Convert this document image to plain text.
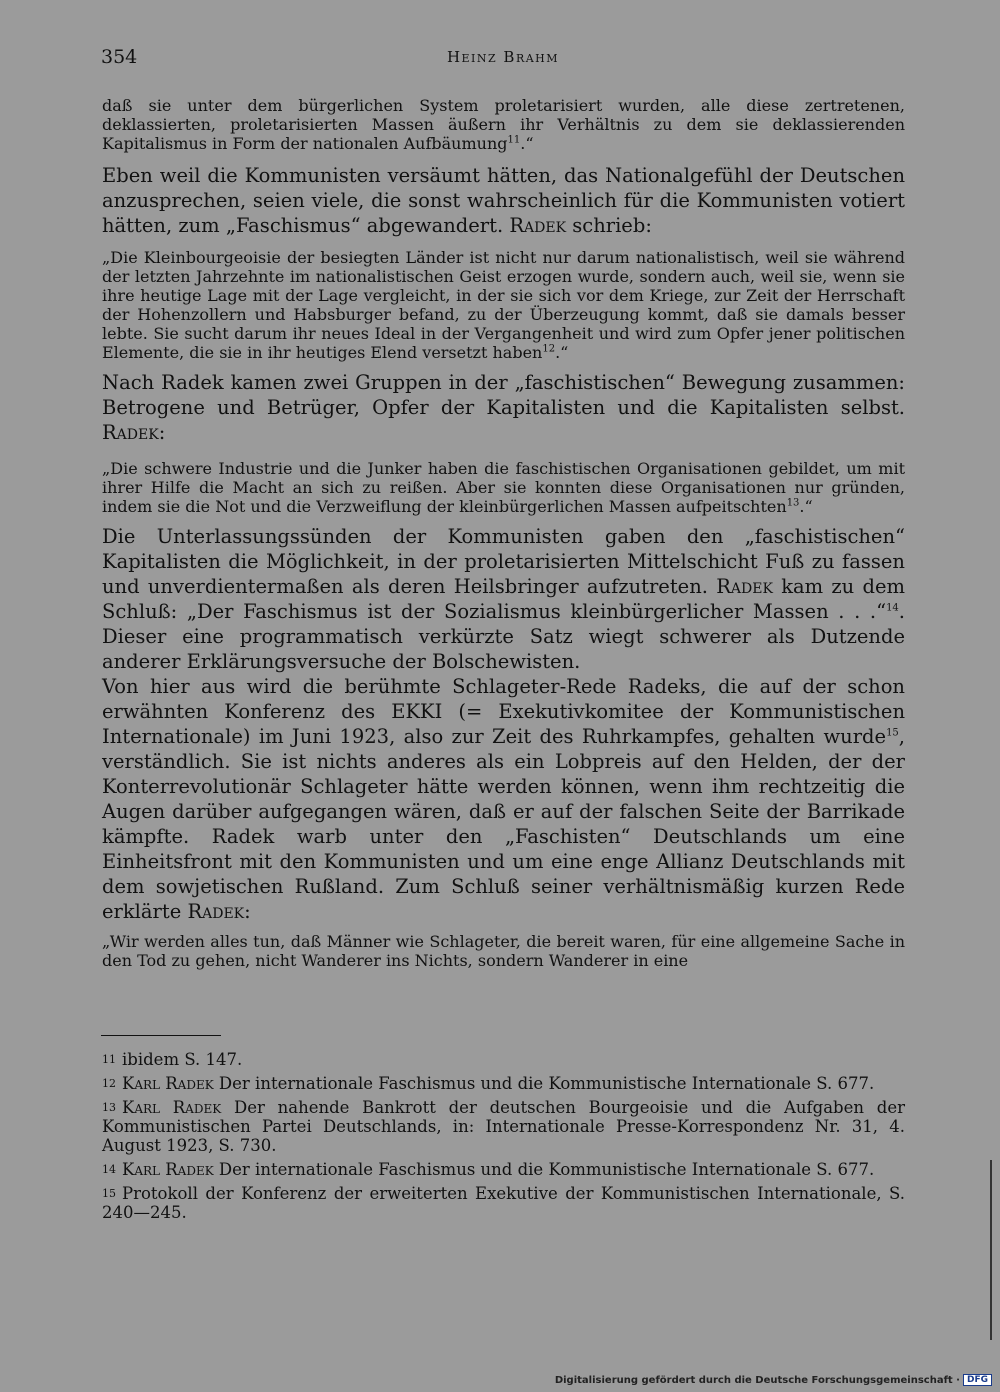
354	Heinz Brahm

daß sie unter dem bürgerlichen System proletarisiert wurden, alle diese zertretenen, deklassierten, proletarisierten Massen äußern ihr Verhältnis zu dem sie deklassierenden Kapitalismus in Form der nationalen Aufbäumung$^{11}$.“

Eben weil die Kommunisten versäumt hätten, das Nationalgefühl der Deutschen anzusprechen, seien viele, die sonst wahrscheinlich für die Kommunisten votiert hätten, zum „Faschismus“ abgewandert. Radek schrieb:

„Die Kleinbourgeoisie der besiegten Länder ist nicht nur darum nationalistisch, weil sie während der letzten Jahrzehnte im nationalistischen Geist erzogen wurde, sondern auch, weil sie, wenn sie ihre heutige Lage mit der Lage vergleicht, in der sie sich vor dem Kriege, zur Zeit der Herrschaft der Hohenzollern und Habsburger befand, zu der Überzeugung kommt, daß sie damals besser lebte. Sie sucht darum ihr neues Ideal in der Vergangenheit und wird zum Opfer jener politischen Elemente, die sie in ihr heutiges Elend versetzt haben$^{12}$.“

Nach Radek kamen zwei Gruppen in der „faschistischen“ Bewegung zusammen: Betrogene und Betrüger, Opfer der Kapitalisten und die Kapitalisten selbst. Radek:

„Die schwere Industrie und die Junker haben die faschistischen Organisationen gebildet, um mit ihrer Hilfe die Macht an sich zu reißen. Aber sie konnten diese Organisationen nur gründen, indem sie die Not und die Verzweiflung der kleinbürgerlichen Massen aufpeitschten$^{13}$.“

Die Unterlassungssünden der Kommunisten gaben den „faschistischen“ Kapitalisten die Möglichkeit, in der proletarisierten Mittelschicht Fuß zu fassen und unverdientermaßen als deren Heilsbringer aufzutreten. Radek kam zu dem Schluß: „Der Faschismus ist der Sozialismus kleinbürgerlicher Massen . . .“$^{14}$. Dieser eine programmatisch verkürzte Satz wiegt schwerer als Dutzende anderer Erklärungsversuche der Bolschewisten.

Von hier aus wird die berühmte Schlageter-Rede Radeks, die auf der schon erwähnten Konferenz des EKKI (= Exekutivkomitee der Kommunistischen Internationale) im Juni 1923, also zur Zeit des Ruhrkampfes, gehalten wurde$^{15}$, verständlich. Sie ist nichts anderes als ein Lobpreis auf den Helden, der der Konterrevolutionär Schlageter hätte werden können, wenn ihm rechtzeitig die Augen darüber aufgegangen wären, daß er auf der falschen Seite der Barrikade kämpfte. Radek warb unter den „Faschisten“ Deutschlands um eine Einheitsfront mit den Kommunisten und um eine enge Allianz Deutschlands mit dem sowjetischen Rußland. Zum Schluß seiner verhältnismäßig kurzen Rede erklärte Radek:

„Wir werden alles tun, daß Männer wie Schlageter, die bereit waren, für eine allgemeine Sache in den Tod zu gehen, nicht Wanderer ins Nichts, sondern Wanderer in eine

$^{11}$ ibidem S. 147.

$^{12}$ Karl Radek Der internationale Faschismus und die Kommunistische Internationale S. 677.

$^{13}$ Karl Radek Der nahende Bankrott der deutschen Bourgeoisie und die Aufgaben der Kommunistischen Partei Deutschlands, in: Internationale Presse-Korrespondenz Nr. 31, 4. August 1923, S. 730.

$^{14}$ Karl Radek Der internationale Faschismus und die Kommunistische Internationale S. 677.

$^{15}$ Protokoll der Konferenz der erweiterten Exekutive der Kommunistischen Internationale, S. 240—245.

Digitalisierung gefördert durch die Deutsche Forschungsgemeinschaft · DFG
